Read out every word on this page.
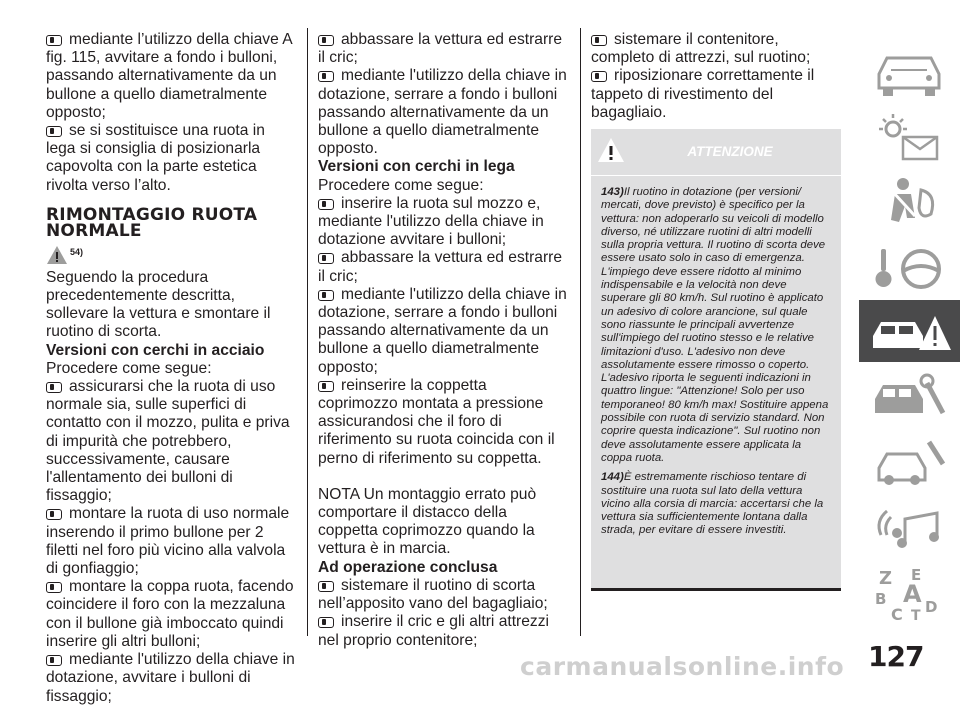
mediante l’utilizzo della chiave A fig. 115, avvitare a fondo i bulloni, passando alternativamente da un bullone a quello diametralmente opposto;

se si sostituisce una ruota in lega si consiglia di posizionarla capovolta con la parte estetica rivolta verso l’alto.

RIMONTAGGIO RUOTA NORMALE
54)

Seguendo la procedura precedentemente descritta, sollevare la vettura e smontare il ruotino di scorta.

Versioni con cerchi in acciaio

Procedere come segue:

assicurarsi che la ruota di uso normale sia, sulle superfici di contatto con il mozzo, pulita e priva di impurità che potrebbero, successivamente, causare l'allentamento dei bulloni di fissaggio;

montare la ruota di uso normale inserendo il primo bullone per 2 filetti nel foro più vicino alla valvola di gonfiaggio;

montare la coppa ruota, facendo coincidere il foro con la mezzaluna con il bullone già imboccato quindi inserire gli altri bulloni;

mediante l'utilizzo della chiave in dotazione, avvitare i bulloni di fissaggio;

abbassare la vettura ed estrarre il cric;

mediante l'utilizzo della chiave in dotazione, serrare a fondo i bulloni passando alternativamente da un bullone a quello diametralmente opposto.

Versioni con cerchi in lega

Procedere come segue:

inserire la ruota sul mozzo e, mediante l'utilizzo della chiave in dotazione avvitare i bulloni;

abbassare la vettura ed estrarre il cric;

mediante l'utilizzo della chiave in dotazione, serrare a fondo i bulloni passando alternativamente da un bullone a quello diametralmente opposto;

reinserire la coppetta coprimozzo montata a pressione assicurandosi che il foro di riferimento su ruota coincida con il perno di riferimento su coppetta.

NOTA Un montaggio errato può comportare il distacco della coppetta coprimozzo quando la vettura è in marcia.

Ad operazione conclusa

sistemare il ruotino di scorta nell’apposito vano del bagagliaio;

inserire il cric e gli altri attrezzi nel proprio contenitore;

sistemare il contenitore, completo di attrezzi, sul ruotino;

riposizionare correttamente il tappeto di rivestimento del bagagliaio.

ATTENZIONE
143)Il ruotino in dotazione (per versioni/ mercati, dove previsto) è specifico per la vettura: non adoperarlo su veicoli di modello diverso, né utilizzare ruotini di altri modelli sulla propria vettura. Il ruotino di scorta deve essere usato solo in caso di emergenza. L'impiego deve essere ridotto al minimo indispensabile e la velocità non deve superare gli 80 km/h. Sul ruotino è applicato un adesivo di colore arancione, sul quale sono riassunte le principali avvertenze sull'impiego del ruotino stesso e le relative limitazioni d'uso. L'adesivo non deve assolutamente essere rimosso o coperto. L'adesivo riporta le seguenti indicazioni in quattro lingue: "Attenzione! Solo per uso temporaneo! 80 km/h max! Sostituire appena possibile con ruota di servizio standard. Non coprire questa indicazione". Sul ruotino non deve assolutamente essere applicata la coppa ruota.
144)È estremamente rischioso tentare di sostituire una ruota sul lato della vettura vicino alla corsia di marcia: accertarsi che la vettura sia sufficientemente lontana dalla strada, per evitare di essere investiti.
Z E
B A
C T D
carmanualsonline.info 127
